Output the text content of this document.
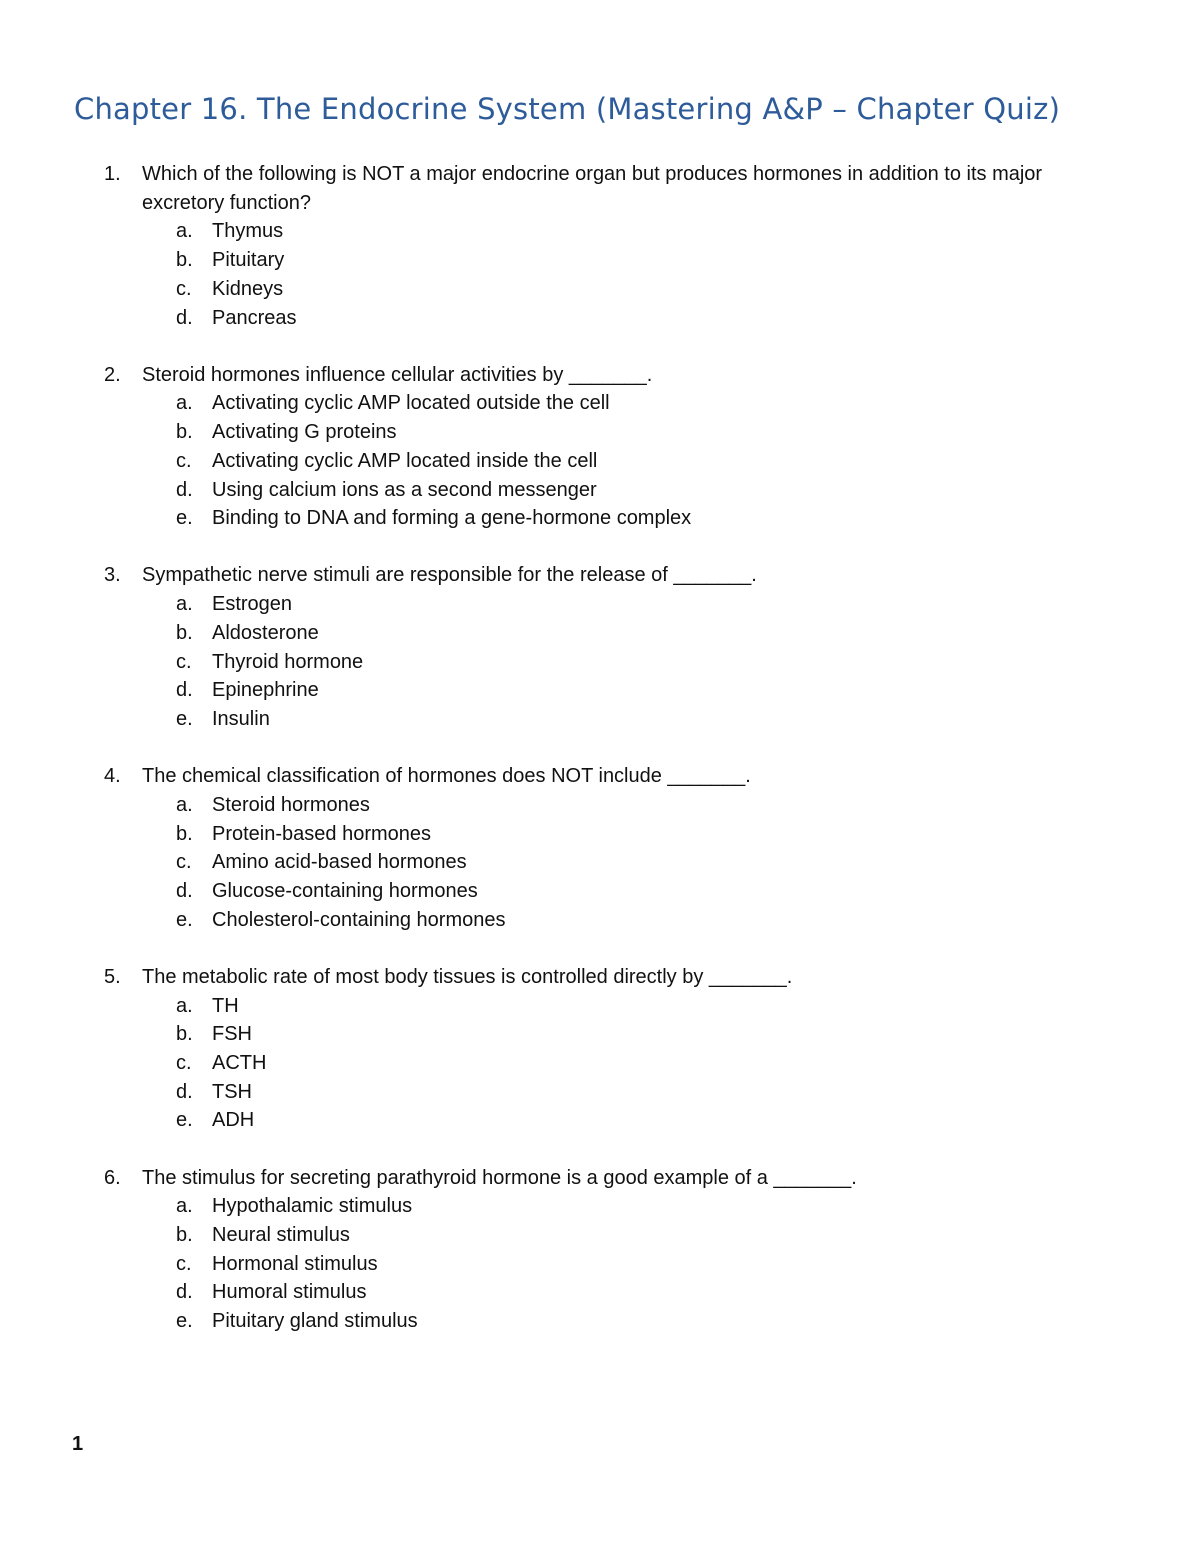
Chapter 16. The Endocrine System (Mastering A&P – Chapter Quiz)
1. Which of the following is NOT a major endocrine organ but produces hormones in addition to its major excretory function?
a. Thymus
b. Pituitary
c. Kidneys
d. Pancreas
2. Steroid hormones influence cellular activities by _______.
a. Activating cyclic AMP located outside the cell
b. Activating G proteins
c. Activating cyclic AMP located inside the cell
d. Using calcium ions as a second messenger
e. Binding to DNA and forming a gene-hormone complex
3. Sympathetic nerve stimuli are responsible for the release of _______.
a. Estrogen
b. Aldosterone
c. Thyroid hormone
d. Epinephrine
e. Insulin
4. The chemical classification of hormones does NOT include _______.
a. Steroid hormones
b. Protein-based hormones
c. Amino acid-based hormones
d. Glucose-containing hormones
e. Cholesterol-containing hormones
5. The metabolic rate of most body tissues is controlled directly by _______.
a. TH
b. FSH
c. ACTH
d. TSH
e. ADH
6. The stimulus for secreting parathyroid hormone is a good example of a _______.
a. Hypothalamic stimulus
b. Neural stimulus
c. Hormonal stimulus
d. Humoral stimulus
e. Pituitary gland stimulus
1
